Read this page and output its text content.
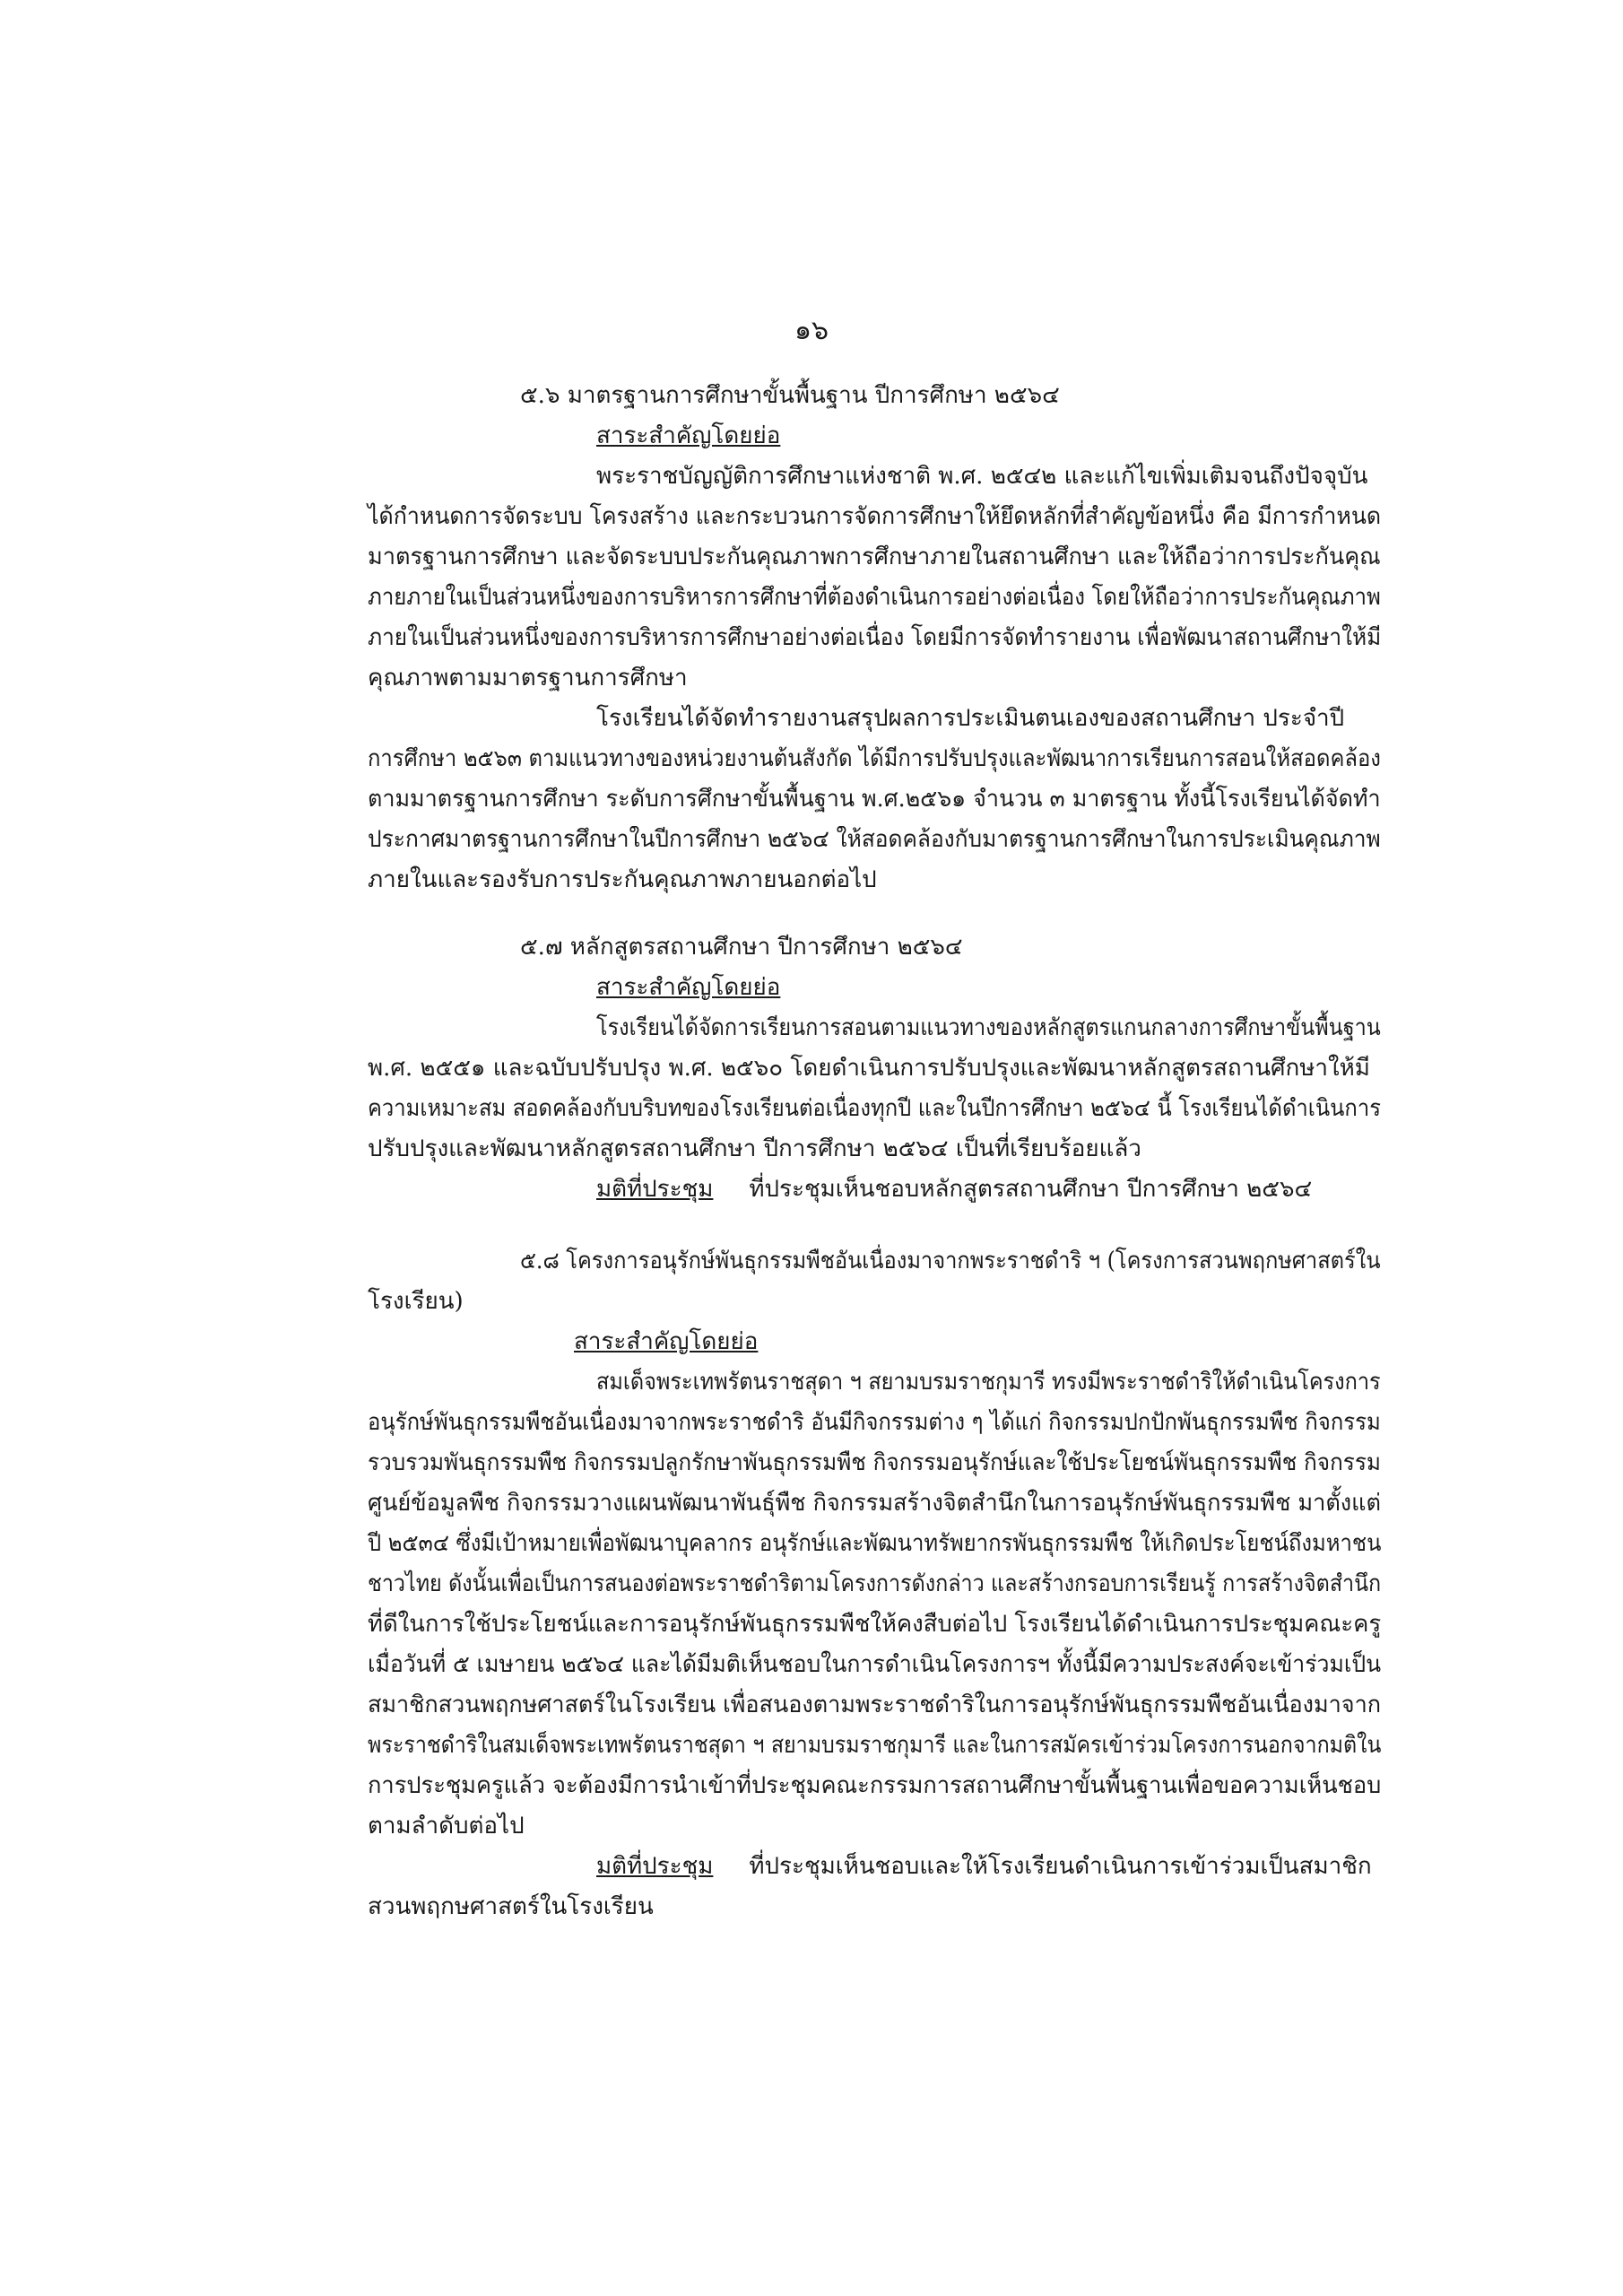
๑๖
๕.๖ มาตรฐานการศึกษาขั้นพื้นฐาน ปีการศึกษา ๒๕๖๔
สาระสำคัญโดยย่อ
พระราชบัญญัติการศึกษาแห่งชาติ พ.ศ. ๒๕๔๒ และแก้ไขเพิ่มเติมจนถึงปัจจุบัน
ได้กำหนดการจัดระบบ โครงสร้าง และกระบวนการจัดการศึกษาให้ยึดหลักที่สำคัญข้อหนึ่ง คือ มีการกำหนด
มาตรฐานการศึกษา และจัดระบบประกันคุณภาพการศึกษาภายในสถานศึกษา และให้ถือว่าการประกันคุณ
ภายภายในเป็นส่วนหนึ่งของการบริหารการศึกษาที่ต้องดำเนินการอย่างต่อเนื่อง โดยให้ถือว่าการประกันคุณภาพ
ภายในเป็นส่วนหนึ่งของการบริหารการศึกษาอย่างต่อเนื่อง โดยมีการจัดทำรายงาน เพื่อพัฒนาสถานศึกษาให้มี
คุณภาพตามมาตรฐานการศึกษา
โรงเรียนได้จัดทำรายงานสรุปผลการประเมินตนเองของสถานศึกษา ประจำปี
การศึกษา ๒๕๖๓ ตามแนวทางของหน่วยงานต้นสังกัด ได้มีการปรับปรุงและพัฒนาการเรียนการสอนให้สอดคล้อง
ตามมาตรฐานการศึกษา ระดับการศึกษาขั้นพื้นฐาน พ.ศ.๒๕๖๑ จำนวน ๓ มาตรฐาน ทั้งนี้โรงเรียนได้จัดทำ
ประกาศมาตรฐานการศึกษาในปีการศึกษา ๒๕๖๔ ให้สอดคล้องกับมาตรฐานการศึกษาในการประเมินคุณภาพ
ภายในและรองรับการประกันคุณภาพภายนอกต่อไป
๕.๗ หลักสูตรสถานศึกษา ปีการศึกษา ๒๕๖๔
สาระสำคัญโดยย่อ
โรงเรียนได้จัดการเรียนการสอนตามแนวทางของหลักสูตรแกนกลางการศึกษาขั้นพื้นฐาน
พ.ศ. ๒๕๕๑ และฉบับปรับปรุง พ.ศ. ๒๕๖๐ โดยดำเนินการปรับปรุงและพัฒนาหลักสูตรสถานศึกษาให้มี
ความเหมาะสม สอดคล้องกับบริบทของโรงเรียนต่อเนื่องทุกปี และในปีการศึกษา ๒๕๖๔ นี้ โรงเรียนได้ดำเนินการ
ปรับปรุงและพัฒนาหลักสูตรสถานศึกษา ปีการศึกษา ๒๕๖๔ เป็นที่เรียบร้อยแล้ว
มติที่ประชุม ที่ประชุมเห็นชอบหลักสูตรสถานศึกษา ปีการศึกษา ๒๕๖๔
๕.๘ โครงการอนุรักษ์พันธุกรรมพืชอันเนื่องมาจากพระราชดำริ ฯ (โครงการสวนพฤกษศาสตร์ใน
โรงเรียน)
สาระสำคัญโดยย่อ
สมเด็จพระเทพรัตนราชสุดา ฯ สยามบรมราชกุมารี ทรงมีพระราชดำริให้ดำเนินโครงการ
อนุรักษ์พันธุกรรมพืชอันเนื่องมาจากพระราชดำริ อันมีกิจกรรมต่าง ๆ ได้แก่ กิจกรรมปกปักพันธุกรรมพืช กิจกรรม
รวบรวมพันธุกรรมพืช กิจกรรมปลูกรักษาพันธุกรรมพืช กิจกรรมอนุรักษ์และใช้ประโยชน์พันธุกรรมพืช กิจกรรม
ศูนย์ข้อมูลพืช กิจกรรมวางแผนพัฒนาพันธุ์พืช กิจกรรมสร้างจิตสำนึกในการอนุรักษ์พันธุกรรมพืช มาตั้งแต่
ปี ๒๕๓๔ ซึ่งมีเป้าหมายเพื่อพัฒนาบุคลากร อนุรักษ์และพัฒนาทรัพยากรพันธุกรรมพืช ให้เกิดประโยชน์ถึงมหาชน
ชาวไทย ดังนั้นเพื่อเป็นการสนองต่อพระราชดำริตามโครงการดังกล่าว และสร้างกรอบการเรียนรู้ การสร้างจิตสำนึก
ที่ดีในการใช้ประโยชน์และการอนุรักษ์พันธุกรรมพืชให้คงสืบต่อไป โรงเรียนได้ดำเนินการประชุมคณะครู
เมื่อวันที่ ๕ เมษายน ๒๕๖๔ และได้มีมติเห็นชอบในการดำเนินโครงการฯ ทั้งนี้มีความประสงค์จะเข้าร่วมเป็น
สมาชิกสวนพฤกษศาสตร์ในโรงเรียน เพื่อสนองตามพระราชดำริในการอนุรักษ์พันธุกรรมพืชอันเนื่องมาจาก
พระราชดำริในสมเด็จพระเทพรัตนราชสุดา ฯ สยามบรมราชกุมารี และในการสมัครเข้าร่วมโครงการนอกจากมติใน
การประชุมครูแล้ว จะต้องมีการนำเข้าที่ประชุมคณะกรรมการสถานศึกษาขั้นพื้นฐานเพื่อขอความเห็นชอบ
ตามลำดับต่อไป
มติที่ประชุม ที่ประชุมเห็นชอบและให้โรงเรียนดำเนินการเข้าร่วมเป็นสมาชิก
สวนพฤกษศาสตร์ในโรงเรียน
